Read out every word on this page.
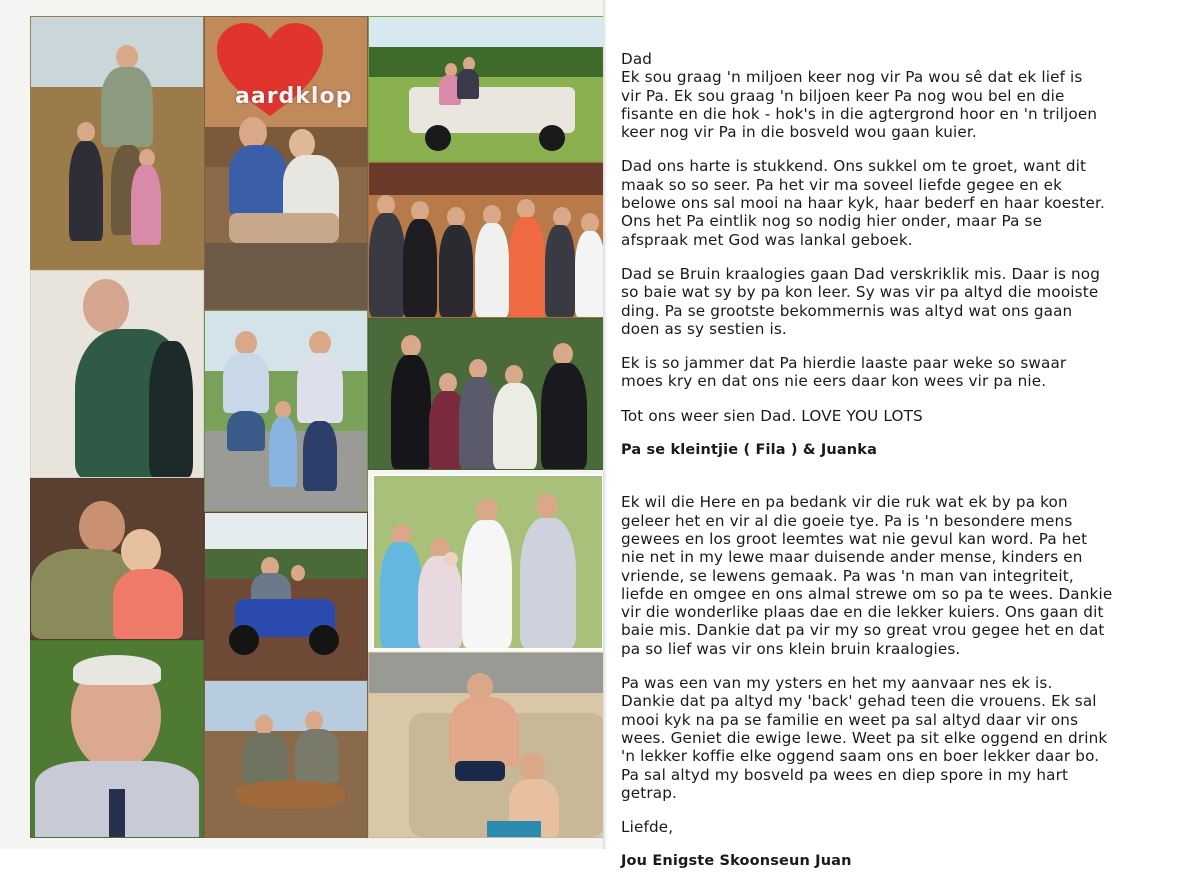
aardklop

Dad
Ek sou graag 'n miljoen keer nog vir Pa wou sê dat ek lief is
vir Pa. Ek sou graag 'n biljoen keer Pa nog wou bel en die
fisante en die hok - hok's in die agtergrond hoor en 'n triljoen
keer nog vir Pa in die bosveld wou gaan kuier.

Dad ons harte is stukkend. Ons sukkel om te groet, want dit
maak so so seer. Pa het vir ma soveel liefde gegee en ek
belowe ons sal mooi na haar kyk, haar bederf en haar koester.
Ons het Pa eintlik nog so nodig hier onder, maar Pa se
afspraak met God was lankal geboek.

Dad se Bruin kraalogies gaan Dad verskriklik mis. Daar is nog
so baie wat sy by pa kon leer. Sy was vir pa altyd die mooiste
ding. Pa se grootste bekommernis was altyd wat ons gaan
doen as sy sestien is.

Ek is so jammer dat Pa hierdie laaste paar weke so swaar
moes kry en dat ons nie eers daar kon wees vir pa nie.

Tot ons weer sien Dad. LOVE YOU LOTS

Pa se kleintjie ( Fila ) & Juanka

Ek wil die Here en pa bedank vir die ruk wat ek by pa kon
geleer het en vir al die goeie tye. Pa is 'n besondere mens
gewees en los groot leemtes wat nie gevul kan word. Pa het
nie net in my lewe maar duisende ander mense, kinders en
vriende, se lewens gemaak. Pa was 'n man van integriteit,
liefde en omgee en ons almal strewe om so pa te wees. Dankie
vir die wonderlike plaas dae en die lekker kuiers. Ons gaan dit
baie mis. Dankie dat pa vir my so great vrou gegee het en dat
pa so lief was vir ons klein bruin kraalogies.

Pa was een van my ysters en het my aanvaar nes ek is.
Dankie dat pa altyd my 'back' gehad teen die vrouens. Ek sal
mooi kyk na pa se familie en weet pa sal altyd daar vir ons
wees. Geniet die ewige lewe. Weet pa sit elke oggend en drink
'n lekker koffie elke oggend saam ons en boer lekker daar bo.
Pa sal altyd my bosveld pa wees en diep spore in my hart
getrap.

Liefde,

Jou Enigste Skoonseun Juan
